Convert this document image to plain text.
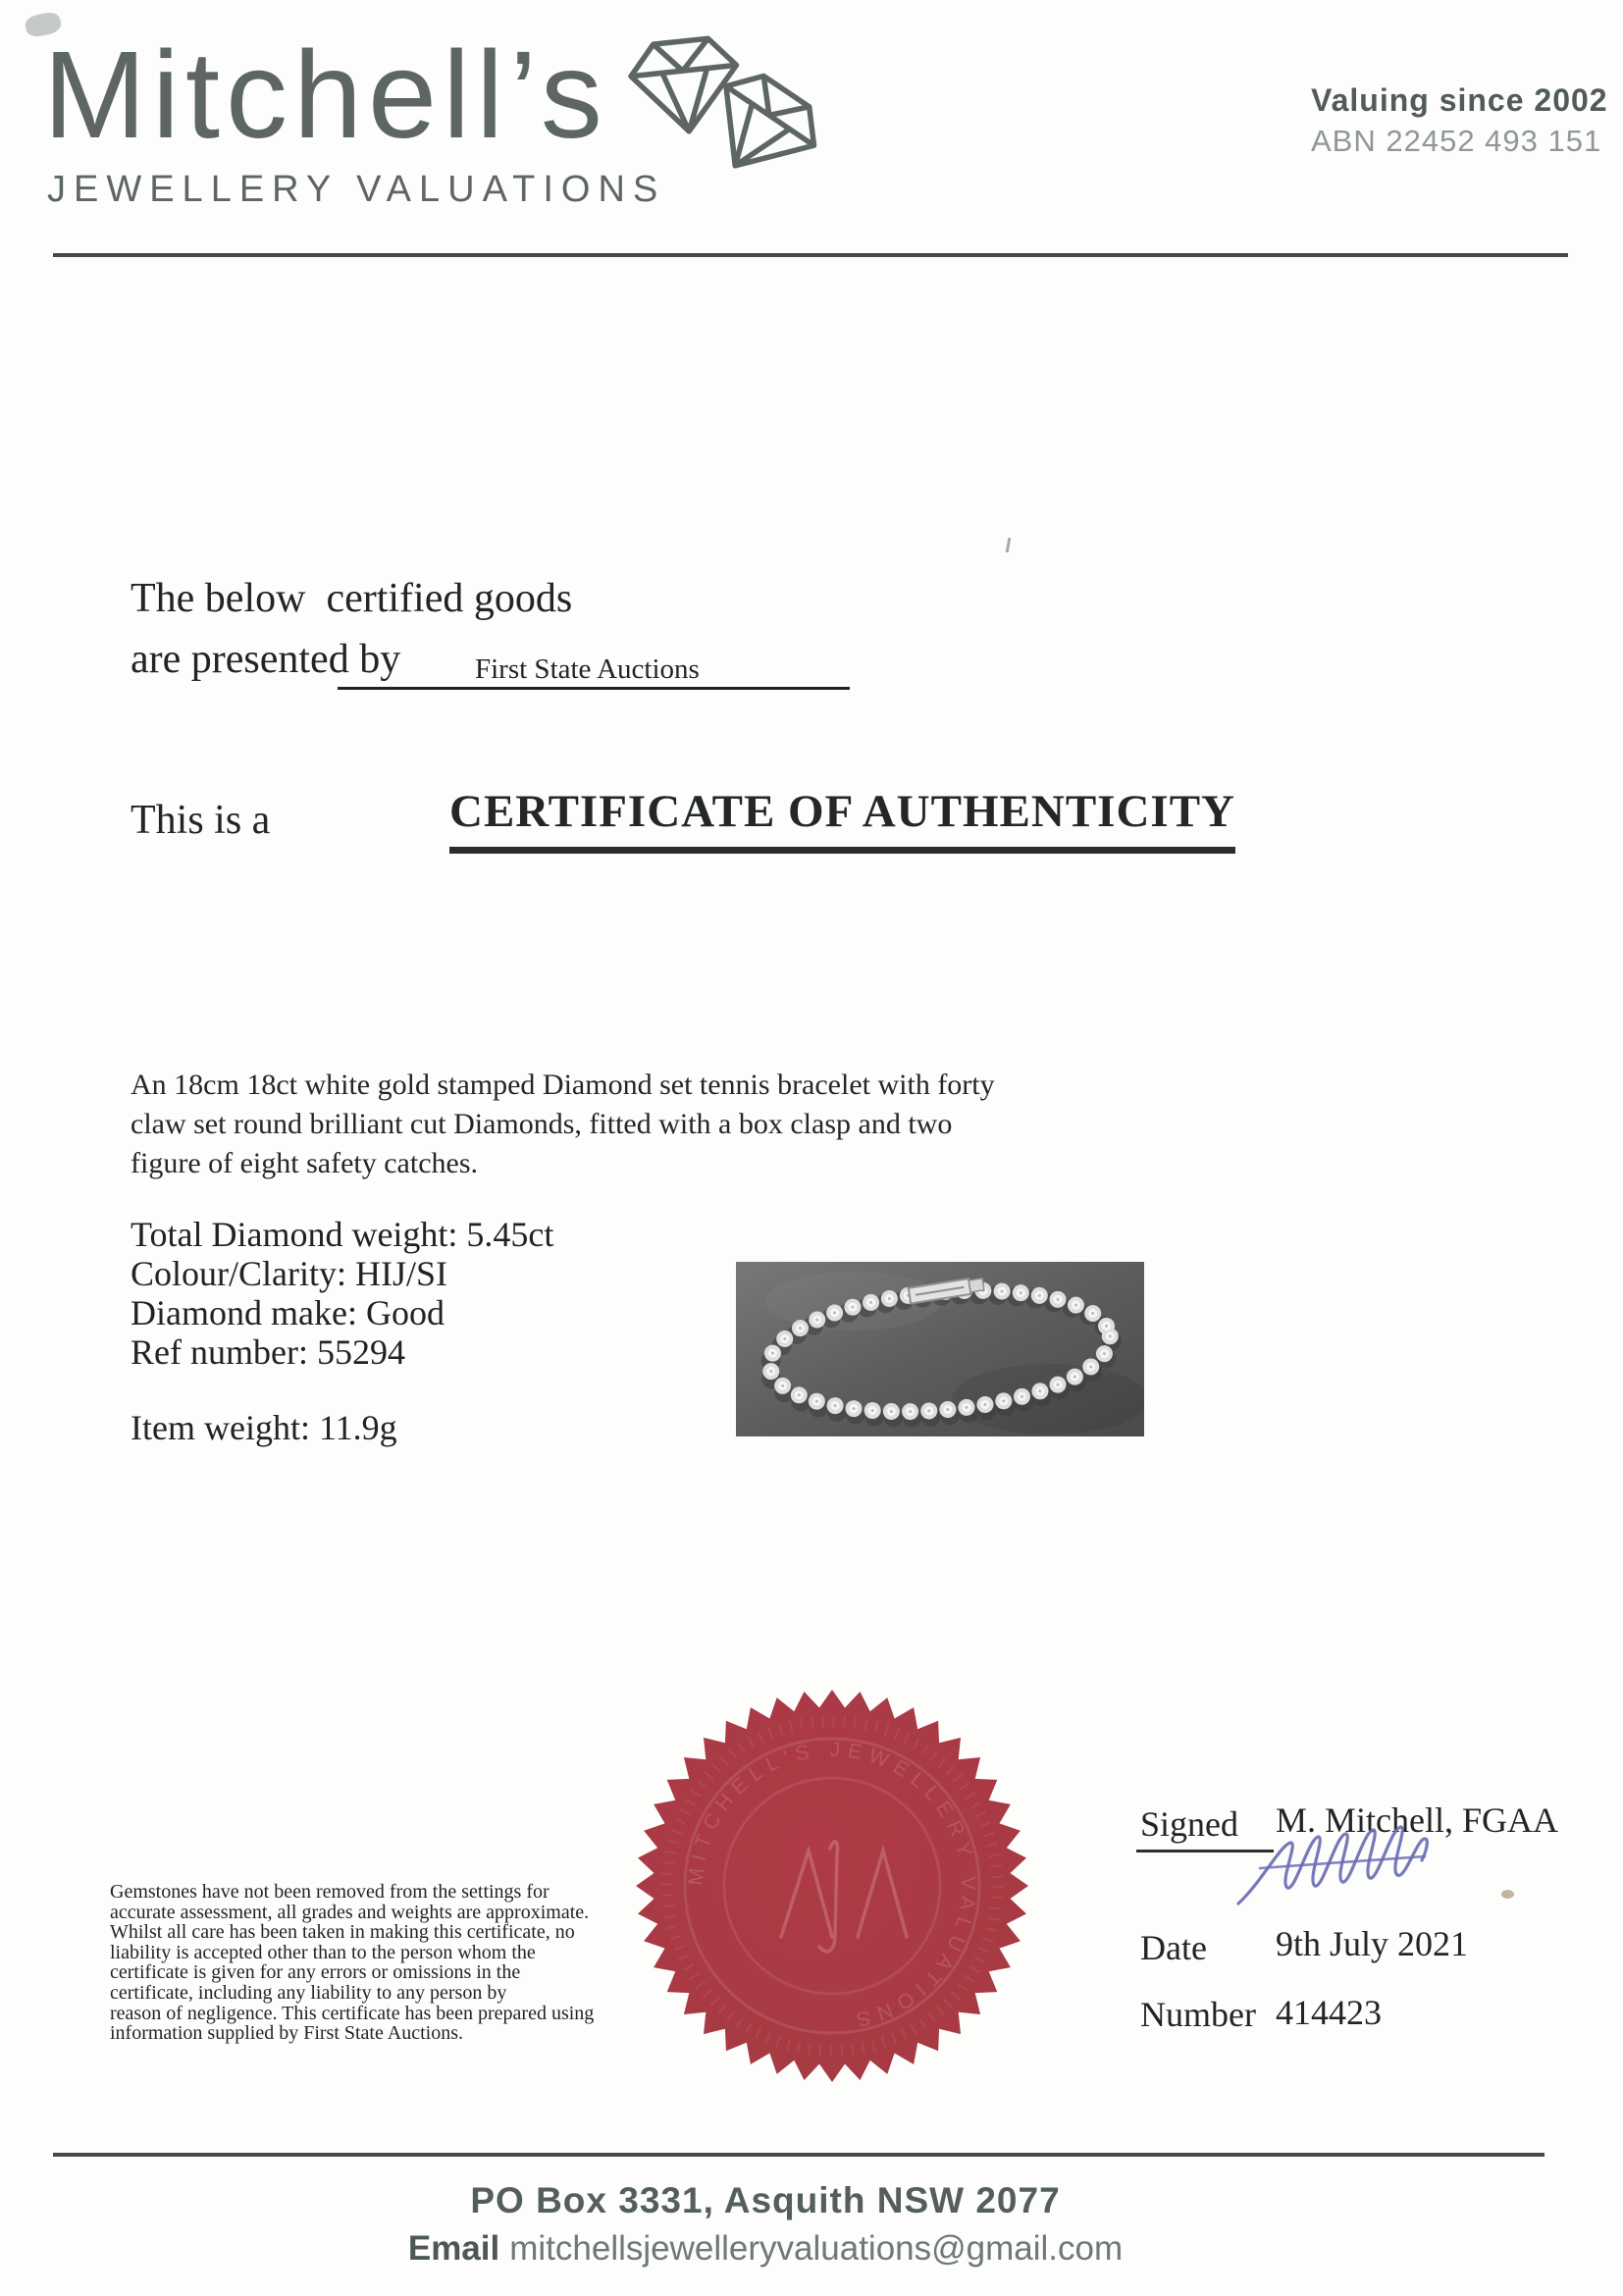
Mitchell’s
JEWELLERY VALUATIONS
Valuing since 2002
ABN 22452 493 151
The below  certified goods
are presented by	First State Auctions
This is a	CERTIFICATE OF AUTHENTICITY
An 18cm 18ct white gold stamped Diamond set tennis bracelet with forty
claw set round brilliant cut Diamonds, fitted with a box clasp and two
figure of eight safety catches.
Total Diamond weight: 5.45ct
Colour/Clarity: HIJ/SI
Diamond make: Good
Ref number: 55294
Item weight: 11.9g
Gemstones have not been removed from the settings for
accurate assessment, all grades and weights are approximate.
Whilst all care has been taken in making this certificate, no
liability is accepted other than to the person whom the
certificate is given for any errors or omissions in the
certificate, including any liability to any person by
reason of negligence. This certificate has been prepared using
information supplied by First State Auctions.
MITCHELL'S JEWELLERY VALUATIONS
Signed M. Mitchell, FGAA
Date 9th July 2021
Number 414423
PO Box 3331, Asquith NSW 2077
Email mitchellsjewelleryvaluations@gmail.com
